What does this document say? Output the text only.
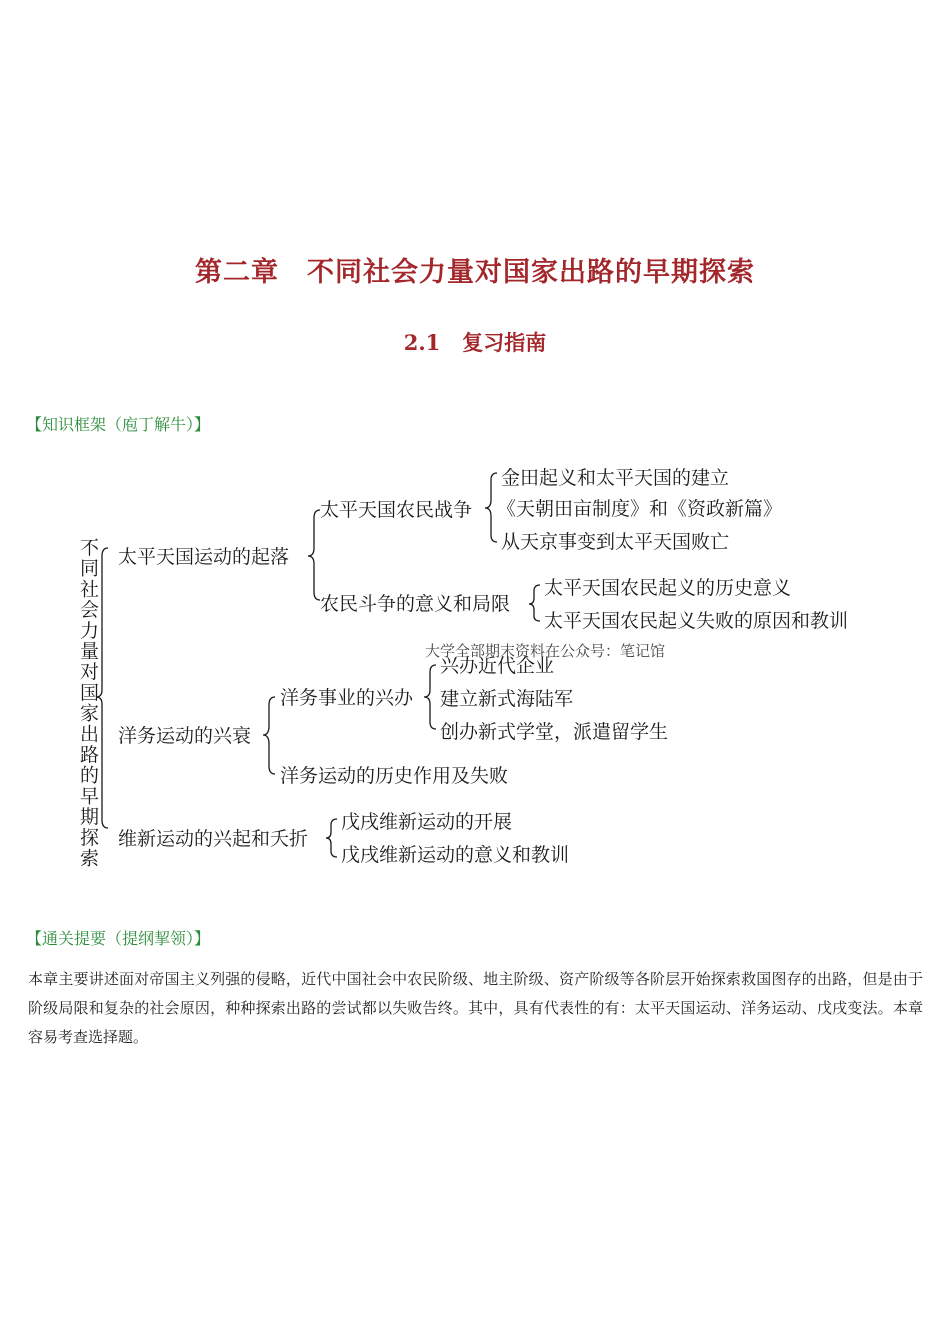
第二章　不同社会力量对国家出路的早期探索
2.1 复习指南
【知识框架（庖丁解牛）】
不
同
社
会
力
量
对
国
家
出
路
的
早
期
探
索
太平天国运动的起落
太平天国农民战争
金田起义和太平天国的建立
《天朝田亩制度》和《资政新篇》
从天京事变到太平天国败亡
农民斗争的意义和局限
太平天国农民起义的历史意义
太平天国农民起义失败的原因和教训
洋务运动的兴衰
洋务事业的兴办
兴办近代企业
建立新式海陆军
创办新式学堂，派遣留学生
洋务运动的历史作用及失败
维新运动的兴起和夭折
戊戌维新运动的开展
戊戌维新运动的意义和教训
大学全部期末资料在公众号：笔记馆
【通关提要（提纲挈领）】
本章主要讲述面对帝国主义列强的侵略，近代中国社会中农民阶级、地主阶级、资产阶级等各阶层开始探索救国图存的出路，但是由于阶级局限和复杂的社会原因，种种探索出路的尝试都以失败告终。其中，具有代表性的有：太平天国运动、洋务运动、戊戌变法。本章容易考查选择题。
